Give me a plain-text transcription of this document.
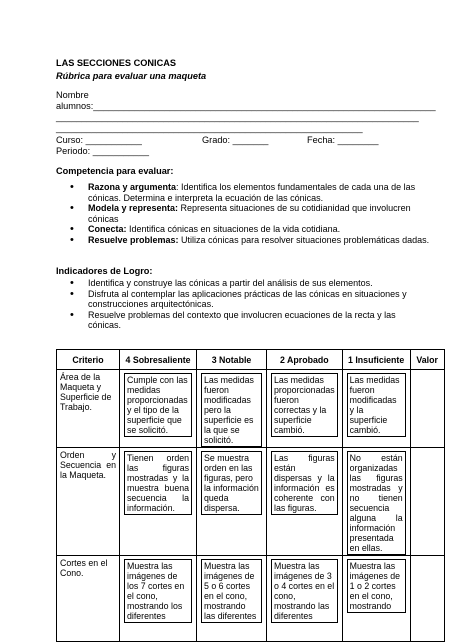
LAS SECCIONES CONICAS
Rúbrica para evaluar una maqueta
Nombre
alumnos:___________________________________________________________________
_______________________________________________________________________
____________________________________________________________
Curso: ___________	Grado: _______	Fecha: ________
Periodo: ___________
Competencia para evaluar:
• Razona y argumenta: Identifica los elementos fundamentales de cada una de las cónicas. Determina e interpreta la ecuación de las cónicas.
• Modela y representa: Representa situaciones de su cotidianidad que involucren cónicas
• Conecta: Identifica cónicas en situaciones de la vida cotidiana.
• Resuelve problemas: Utiliza cónicas para resolver situaciones problemáticas dadas.
Indicadores de Logro:
• Identifica y construye las cónicas a partir del análisis de sus elementos.
• Disfruta al contemplar las aplicaciones prácticas de las cónicas en situaciones y construcciones arquitectónicas.
• Resuelve problemas del contexto que involucren ecuaciones de la recta y las cónicas.
Criterio	4 Sobresaliente	3 Notable	2 Aprobado	1 Insuficiente	Valor
Área de la Maqueta y Superficie de Trabajo.	Cumple con las medidas proporcionadas y el tipo de la superficie que se solicitó.	Las medidas fueron modificadas pero la superficie es la que se solicitó.	Las medidas proporcionadas fueron correctas y la superficie cambió.	Las medidas fueron modificadas y la superficie cambió.	

Orden y Secuencia en la Maqueta.	Tienen orden las figuras mostradas y la muestra buena secuencia la información.	Se muestra orden en las figuras, pero la información queda dispersa.	Las figuras están dispersas y la información es coherente con las figuras.	No están organizadas las figuras mostradas y no tienen secuencia alguna la información presentada en ellas.	

Cortes en el Cono.	Muestra las imágenes de los 7 cortes en el cono, mostrando los diferentes	Muestra las imágenes de 5 o 6 cortes en el cono, mostrando las diferentes	Muestra las imágenes de 3 o 4 cortes en el cono, mostrando las diferentes	Muestra las imágenes de 1 o 2 cortes en el cono, mostrando	
